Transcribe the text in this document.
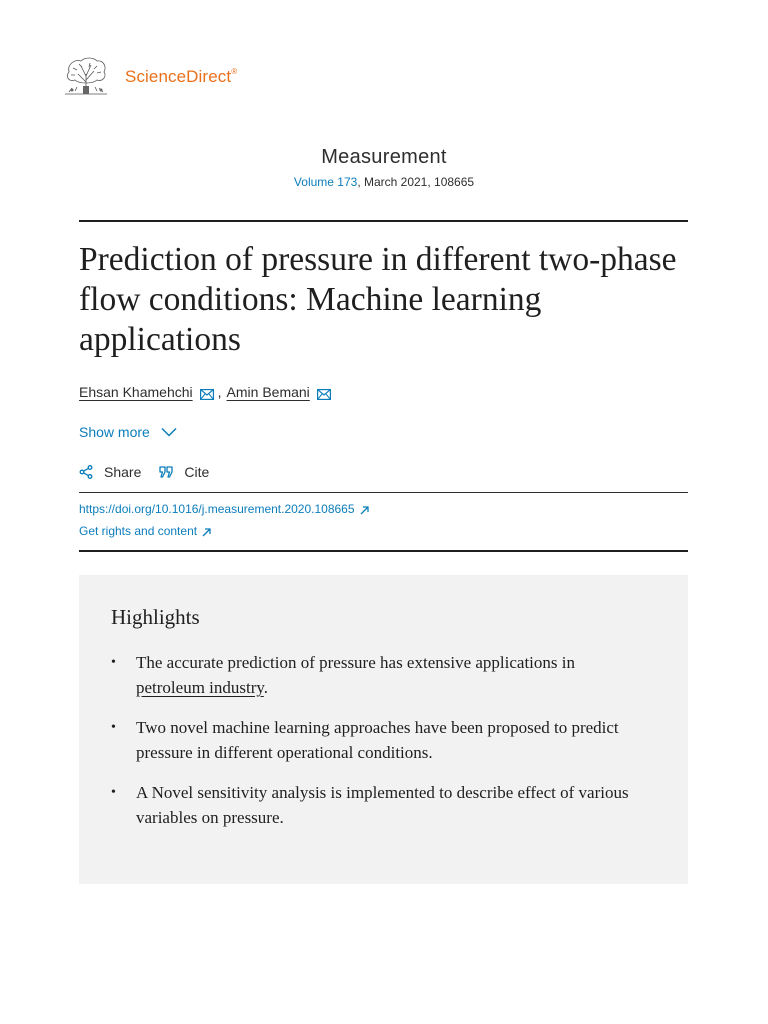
ScienceDirect®
Measurement
Volume 173, March 2021, 108665
Prediction of pressure in different two-phase flow conditions: Machine learning applications
Ehsan Khamehchi , Amin Bemani
Show more
Share	Cite
https://doi.org/10.1016/j.measurement.2020.108665
Get rights and content
Highlights
• The accurate prediction of pressure has extensive applications in petroleum industry.
• Two novel machine learning approaches have been proposed to predict pressure in different operational conditions.
• A Novel sensitivity analysis is implemented to describe effect of various variables on pressure.
